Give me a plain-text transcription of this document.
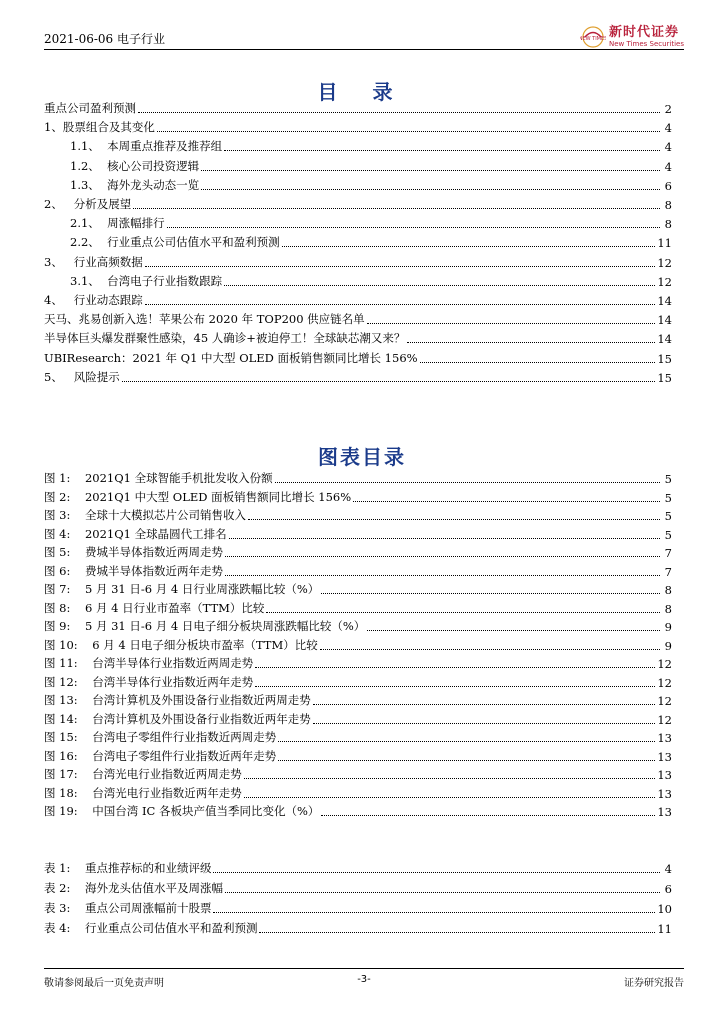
2021-06-06 电子行业	NEW TIMES 新时代证券
New Times Securities
目 录
重点公司盈利预测	2
1、 股票组合及其变化	4
1.1、 本周重点推荐及推荐组	4
1.2、 核心公司投资逻辑	4
1.3、 海外龙头动态一览	6
2、 分析及展望	8
2.1、 周涨幅排行	8
2.2、 行业重点公司估值水平和盈利预测	11
3、 行业高频数据	12
3.1、 台湾电子行业指数跟踪	12
4、 行业动态跟踪	14
天马、兆易创新入选！苹果公布 2020 年 TOP200 供应链名单	14
半导体巨头爆发群聚性感染，45 人确诊+被迫停工！全球缺芯潮又来？	14
UBIResearch：2021 年 Q1 中大型 OLED 面板销售额同比增长 156%	15
5、 风险提示	15
图表目录
图 1: 2021Q1 全球智能手机批发收入份额	5
图 2: 2021Q1 中大型 OLED 面板销售额同比增长 156%	5
图 3: 全球十大模拟芯片公司销售收入	5
图 4: 2021Q1 全球晶圆代工排名	5
图 5: 费城半导体指数近两周走势	7
图 6: 费城半导体指数近两年走势	7
图 7: 5 月 31 日-6 月 4 日行业周涨跌幅比较（%）	8
图 8: 6 月 4 日行业市盈率（TTM）比较	8
图 9: 5 月 31 日-6 月 4 日电子细分板块周涨跌幅比较（%）	9
图 10: 6 月 4 日电子细分板块市盈率（TTM）比较	9
图 11: 台湾半导体行业指数近两周走势	12
图 12: 台湾半导体行业指数近两年走势	12
图 13: 台湾计算机及外围设备行业指数近两周走势	12
图 14: 台湾计算机及外围设备行业指数近两年走势	12
图 15: 台湾电子零组件行业指数近两周走势	13
图 16: 台湾电子零组件行业指数近两年走势	13
图 17: 台湾光电行业指数近两周走势	13
图 18: 台湾光电行业指数近两年走势	13
图 19: 中国台湾 IC 各板块产值当季同比变化（%）	13
表 1: 重点推荐标的和业绩评级	4
表 2: 海外龙头估值水平及周涨幅	6
表 3: 重点公司周涨幅前十股票	10
表 4: 行业重点公司估值水平和盈利预测	11
敬请参阅最后一页免责声明	-3-	证券研究报告
